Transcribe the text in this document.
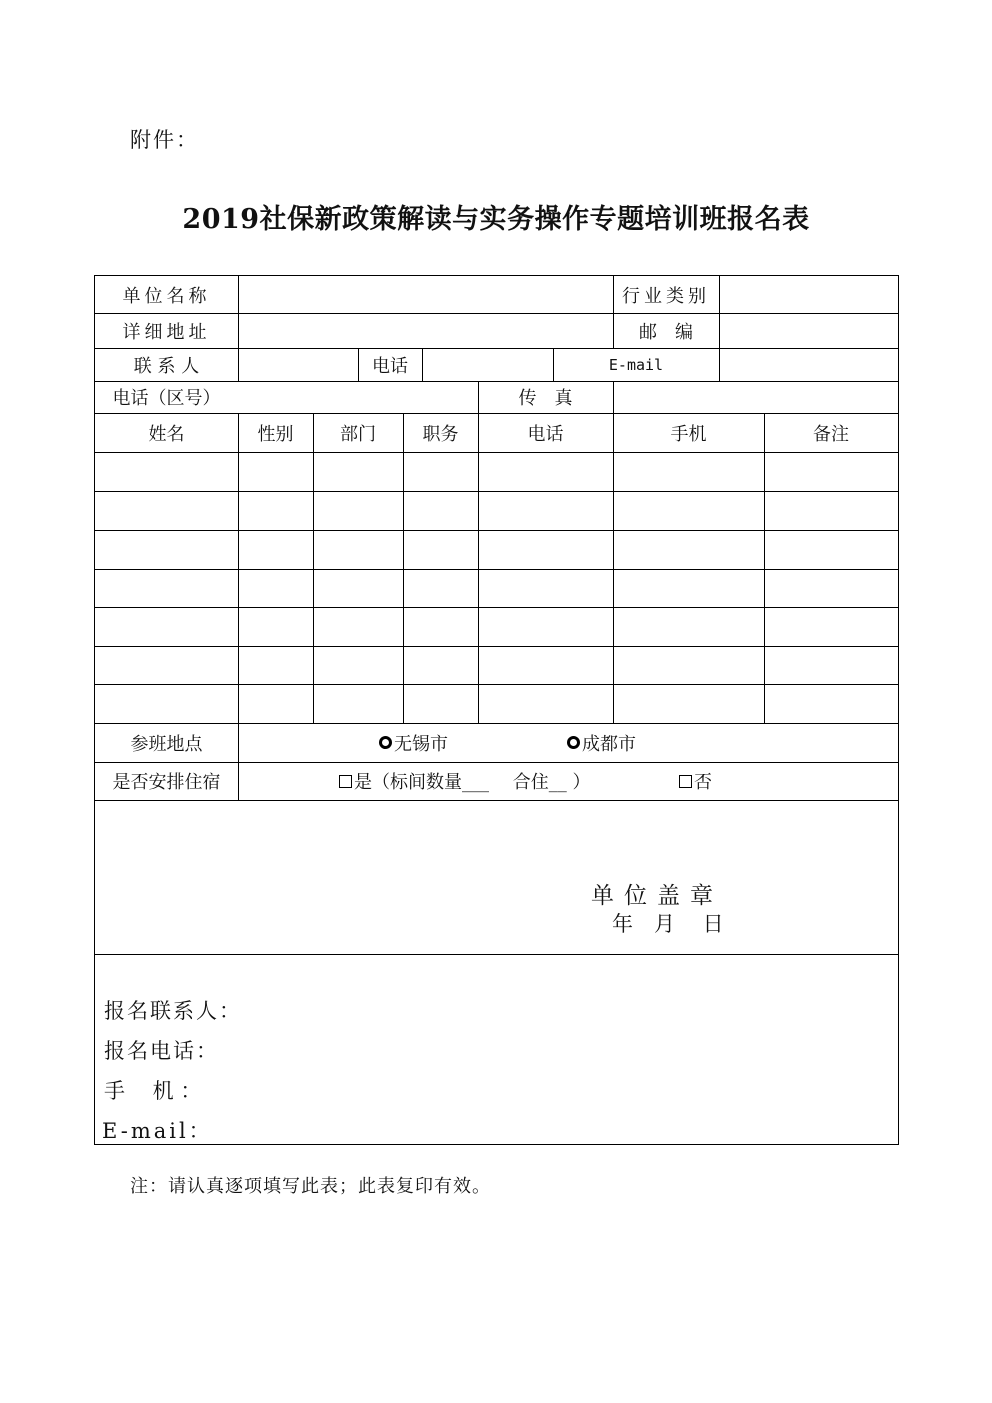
附件：
2019社保新政策解读与实务操作专题培训班报名表
单位名称	行业类别
详细地址	邮　编
联 系 人	电话	E-mail
电话（区号）	传　真
姓名	性别	部门	职务	电话	手机	备注
参班地点	无锡市	成都市
是否安排住宿	是（标间数量___　 合住__ ）	否
单位盖章
年　月　 日
报名联系人：
报名电话：
手　 机 ：
E-mail：
注：请认真逐项填写此表；此表复印有效。
